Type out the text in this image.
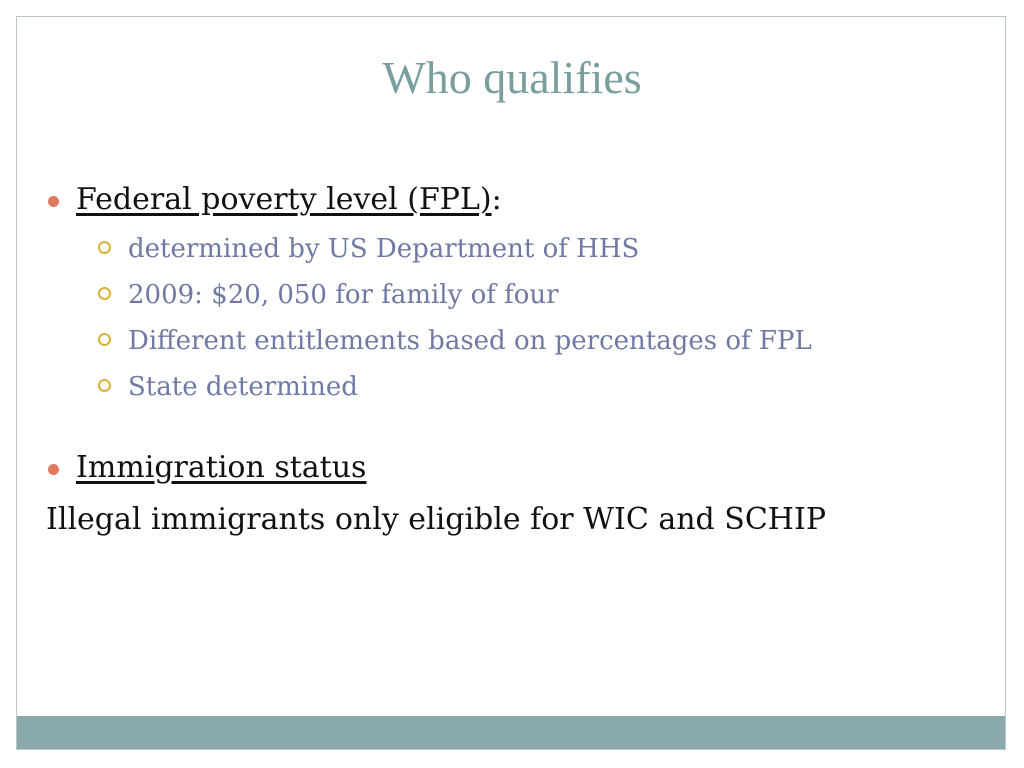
Who qualifies
Federal poverty level (FPL):
determined by US Department of HHS
2009: $20, 050 for family of four
Different entitlements based on percentages of FPL
State determined
Immigration status
Illegal immigrants only eligible for WIC and SCHIP
